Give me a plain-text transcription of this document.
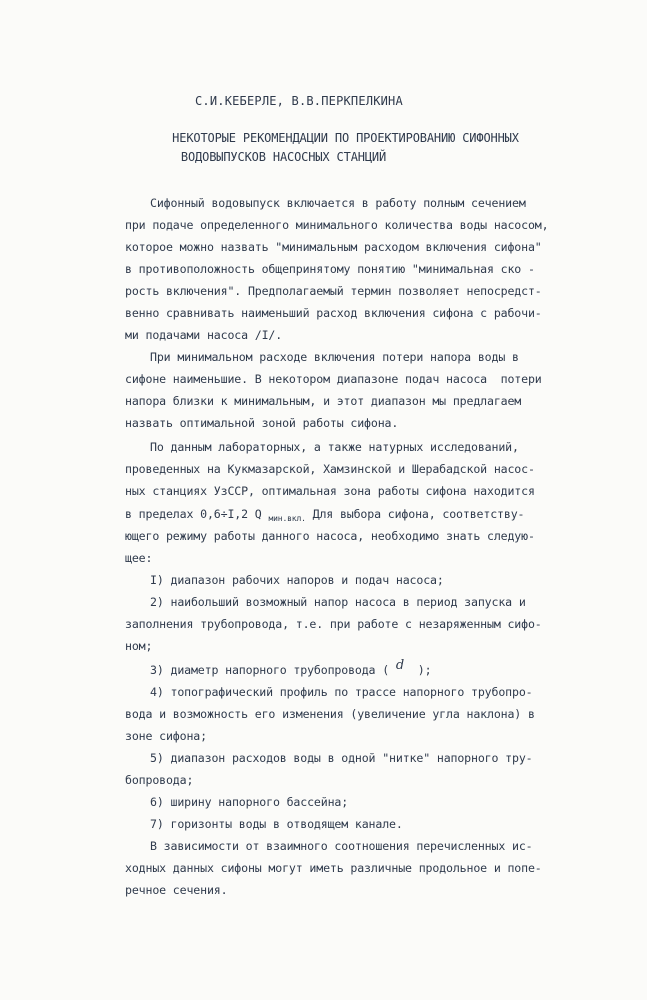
С.И.КЕБЕРЛЕ, В.В.ПЕРКПЕЛКИНА
НЕКОТОРЫЕ РЕКОМЕНДАЦИИ ПО ПРОЕКТИРОВАНИЮ СИФОННЫХ
ВОДОВЫПУСКОВ НАСОСНЫХ СТАНЦИЙ
Сифонный водовыпуск включается в работу полным сечением
при подаче определенного минимального количества воды насосом,
которое можно назвать "минимальным расходом включения сифона"
в противоположность общепринятому понятию "минимальная ско -
рость включения". Предполагаемый термин позволяет непосредст-
венно сравнивать наименьший расход включения сифона с рабочи-
ми подачами насоса /I/.
При минимальном расходе включения потери напора воды в
сифоне наименьшие. В некотором диапазоне подач насоса  потери
напора близки к минимальным, и этот диапазон мы предлагаем
назвать оптимальной зоной работы сифона.
По данным лабораторных, а также натурных исследований,
проведенных на Кукмазарской, Хамзинской и Шерабадской насос-
ных станциях УзССР, оптимальная зона работы сифона находится
в пределах 0,6÷I,2 Q $_{мин.вкл.}$ Для выбора сифона, соответству-
ющего режиму работы данного насоса, необходимо знать следую-
щее:
I) диапазон рабочих напоров и подач насоса;
2) наибольший возможный напор насоса в период запуска и
заполнения трубопровода, т.е. при работе с незаряженным сифо-
ном;
3) диаметр напорного трубопровода ( d );
4) топографический профиль по трассе напорного трубопро-
вода и возможность его изменения (увеличение угла наклона) в
зоне сифона;
5) диапазон расходов воды в одной "нитке" напорного тру-
бопровода;
6) ширину напорного бассейна;
7) горизонты воды в отводящем канале.
В зависимости от взаимного соотношения перечисленных ис-
ходных данных сифоны могут иметь различные продольное и попе-
речное сечения.
